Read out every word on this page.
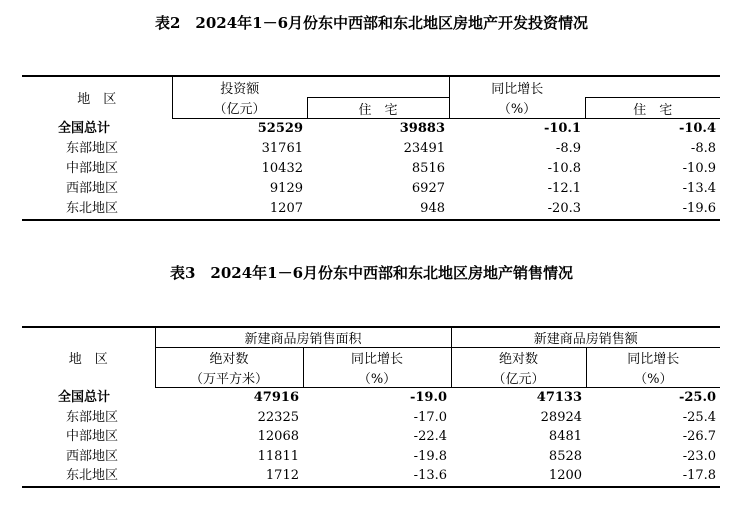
表2　2024年1－6月份东中西部和东北地区房地产开发投资情况
地　区	投资额		同比增长	
	（亿元）	住　宅	（%）	住　宅
全国总计	52529	39883	-10.1	-10.4
东部地区	31761	23491	-8.9	-8.8
中部地区	10432	8516	-10.8	-10.9
西部地区	9129	6927	-12.1	-13.4
东北地区	1207	948	-20.3	-19.6
表3　2024年1－6月份东中西部和东北地区房地产销售情况
地　区	新建商品房销售面积		新建商品房销售额	
	绝对数	同比增长	绝对数	同比增长
	（万平方米）	（%）	（亿元）	（%）
全国总计	47916	-19.0	47133	-25.0
东部地区	22325	-17.0	28924	-25.4
中部地区	12068	-22.4	8481	-26.7
西部地区	11811	-19.8	8528	-23.0
东北地区	1712	-13.6	1200	-17.8
